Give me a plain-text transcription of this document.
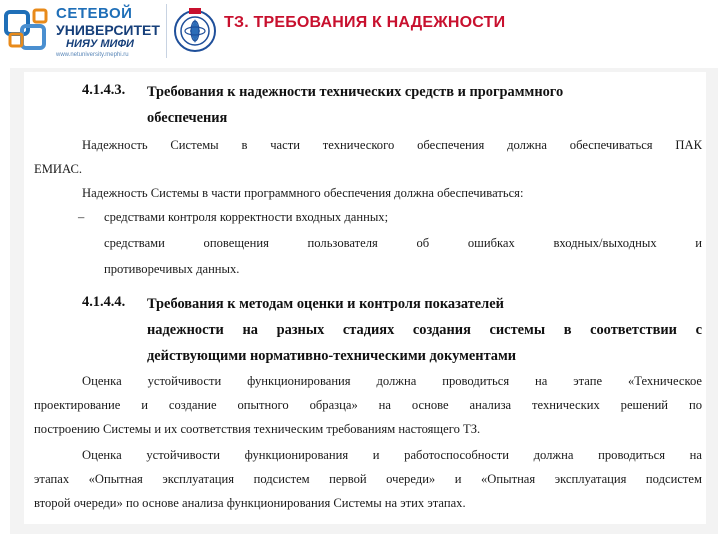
СЕТЕВОЙ
УНИВЕРСИТЕТ
НИЯУ МИФИ
www.netuniversity.mephi.ru
ТЗ. ТРЕБОВАНИЯ К НАДЕЖНОСТИ
4.1.4.3. Требования к надежности технических средств и программного
обеспечения
Надежность Системы в части технического обеспечения должна обеспечиваться ПАК
ЕМИАС.
Надежность Системы в части программного обеспечения должна обеспечиваться:
– средствами контроля корректности входных данных;
средствами оповещения пользователя об ошибках входных/выходных и
противоречивых данных.
4.1.4.4. Требования к методам оценки и контроля показателей
надежности на разных стадиях создания системы в соответствии с
действующими нормативно-техническими документами
Оценка устойчивости функционирования должна проводиться на этапе «Техническое
проектирование и создание опытного образца» на основе анализа технических решений по
построению Системы и их соответствия техническим требованиям настоящего ТЗ.
Оценка устойчивости функционирования и работоспособности должна проводиться на
этапах «Опытная эксплуатация подсистем первой очереди» и «Опытная эксплуатация подсистем
второй очереди» по основе анализа функционирования Системы на этих этапах.
